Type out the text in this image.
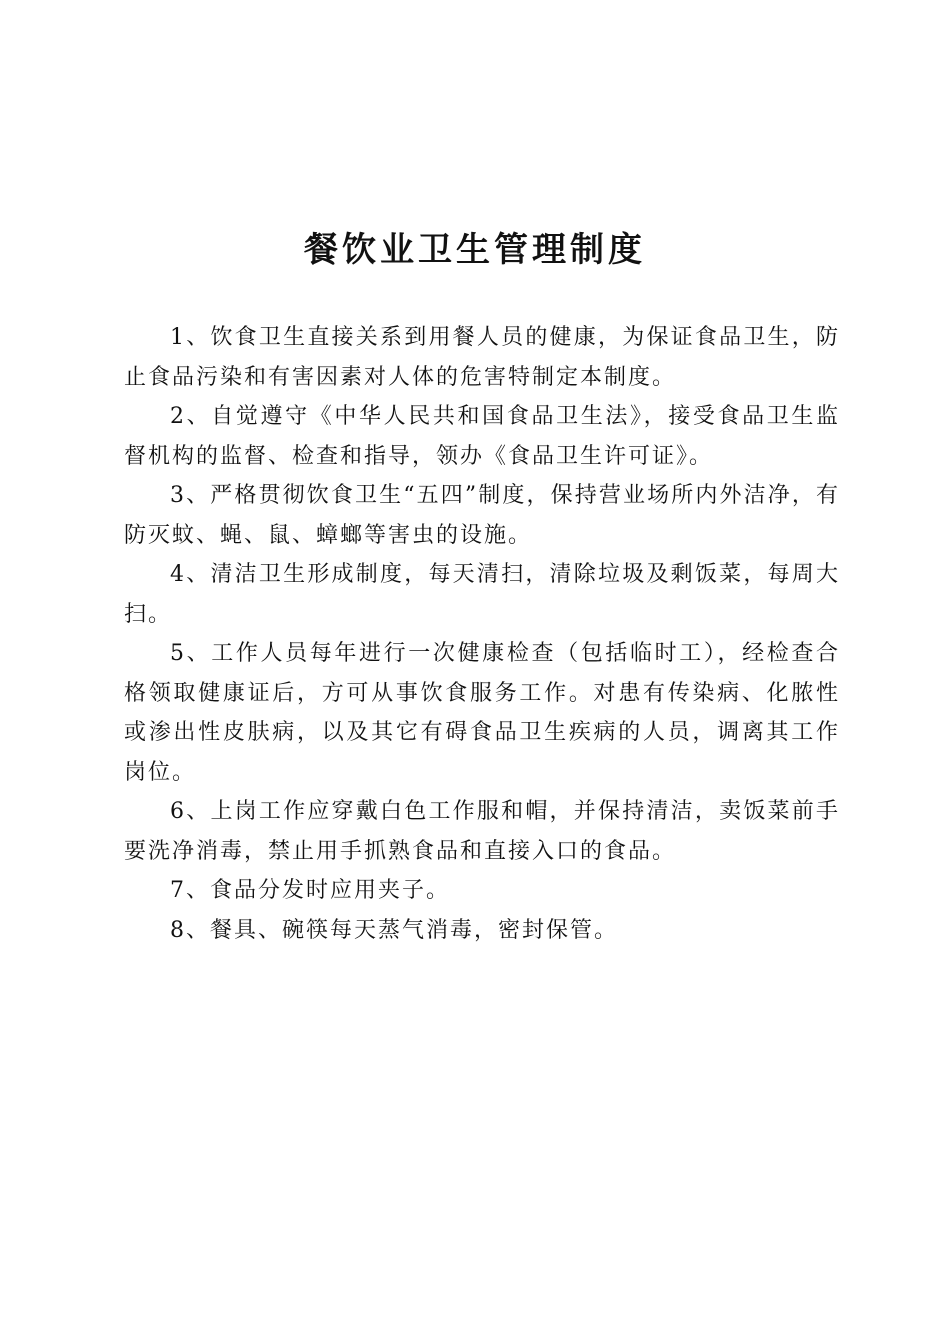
餐饮业卫生管理制度

1、饮食卫生直接关系到用餐人员的健康，为保证食品卫生，防止食品污染和有害因素对人体的危害特制定本制度。

2、自觉遵守《中华人民共和国食品卫生法》，接受食品卫生监督机构的监督、检查和指导，领办《食品卫生许可证》。

3、严格贯彻饮食卫生“五四”制度，保持营业场所内外洁净，有防灭蚊、蝇、鼠、蟑螂等害虫的设施。

4、清洁卫生形成制度，每天清扫，清除垃圾及剩饭菜，每周大扫。

5、工作人员每年进行一次健康检查（包括临时工），经检查合格领取健康证后，方可从事饮食服务工作。对患有传染病、化脓性或渗出性皮肤病，以及其它有碍食品卫生疾病的人员，调离其工作岗位。

6、上岗工作应穿戴白色工作服和帽，并保持清洁，卖饭菜前手要洗净消毒，禁止用手抓熟食品和直接入口的食品。

7、食品分发时应用夹子。

8、餐具、碗筷每天蒸气消毒，密封保管。
